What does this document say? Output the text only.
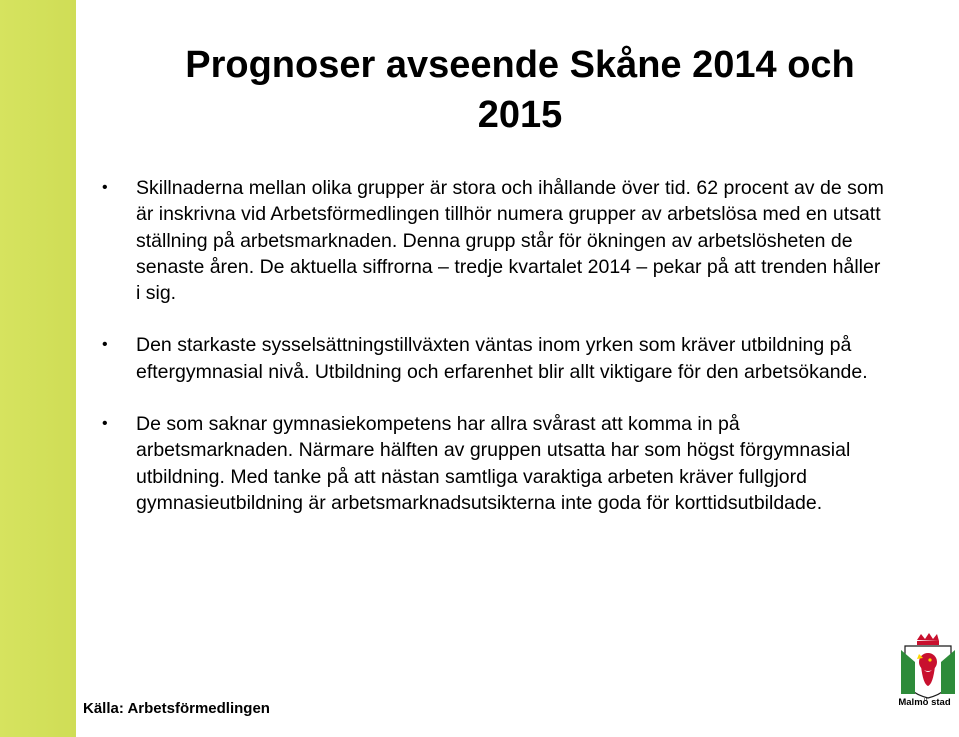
Prognoser avseende Skåne 2014 och
2015
• Skillnaderna mellan olika grupper är stora och ihållande över tid. 62 procent av de som är inskrivna vid Arbetsförmedlingen tillhör numera grupper av arbetslösa med en utsatt ställning på arbetsmarknaden. Denna grupp står för ökningen av arbetslösheten de senaste åren. De aktuella siffrorna – tredje kvartalet 2014 – pekar på att trenden håller i sig.
• Den starkaste sysselsättningstillväxten väntas inom yrken som kräver utbildning på eftergymnasial nivå. Utbildning och erfarenhet blir allt viktigare för den arbetsökande.
• De som saknar gymnasiekompetens har allra svårast att komma in på arbetsmarknaden. Närmare hälften av gruppen utsatta har som högst förgymnasial utbildning. Med tanke på att nästan samtliga varaktiga arbeten kräver fullgjord gymnasieutbildning är arbetsmarknadsutsikterna inte goda för korttidsutbildade.
Källa: Arbetsförmedlingen	Malmö stad
